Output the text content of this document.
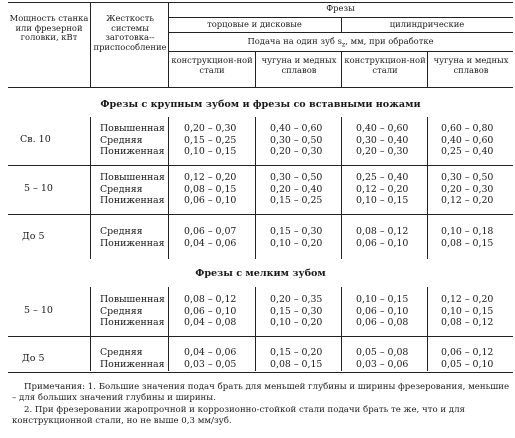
Мощность станка или фрезерной головки, кВт
Жесткость системы заготовка--приспособление
Фрезы
торцовые и дисковые	цилиндрические
Подача на один зуб $s_z$, мм, при обработке
конструкцион-ной стали
чугуна и медных сплавов
конструкцион-ной стали
чугуна и медных сплавов
Фрезы с крупным зубом и фрезы со вставными ножами
Св. 10
Повышенная
Средняя
Пониженная
0,20 – 0,30
0,15 – 0,25
0,10 – 0,15
0,40 – 0,60
0,30 – 0,50
0,20 – 0,30
0,40 – 0,60
0,30 – 0,40
0,20 – 0,30
0,60 – 0,80
0,40 – 0,60
0,25 – 0,40
5 – 10
Повышенная
Средняя
Пониженная
0,12 – 0,20
0,08 – 0,15
0,06 – 0,10
0,30 – 0,50
0,20 – 0,40
0,15 – 0,25
0,25 – 0,40
0,12 – 0,20
0,10 – 0,15
0,30 – 0,50
0,20 – 0,30
0,12 – 0,20
До 5	Средняя
Пониженная
0,06 – 0,07
0,04 – 0,06
0,15 – 0,30
0,10 – 0,20
0,08 – 0,12
0,06 – 0,10
0,10 – 0,18
0,08 – 0,15
Фрезы с мелким зубом
5 – 10
Повышенная
Средняя
Пониженная
0,08 – 0,12
0,06 – 0,10
0,04 – 0,08
0,20 – 0,35
0,15 – 0,30
0,10 – 0,20
0,10 – 0,15
0,06 – 0,10
0,06 – 0,08
0,12 – 0,20
0,10 – 0,15
0,08 – 0,12
До 5
Средняя
Пониженная
0,04 – 0,06
0,03 – 0,05
0,15 – 0,20
0,08 – 0,15
0,05 – 0,08
0,03 – 0,06
0,06 – 0,12
0,05 – 0,10
Примечания: 1. Большие значения подач брать для меньшей глубины и ширины фрезерования, меньшие – для больших значений глубины и ширины.
2. При фрезеровании жаропрочной и коррозионно-стойкой стали подачи брать те же, что и для конструкционной стали, но не выше 0,3 мм/зуб.
